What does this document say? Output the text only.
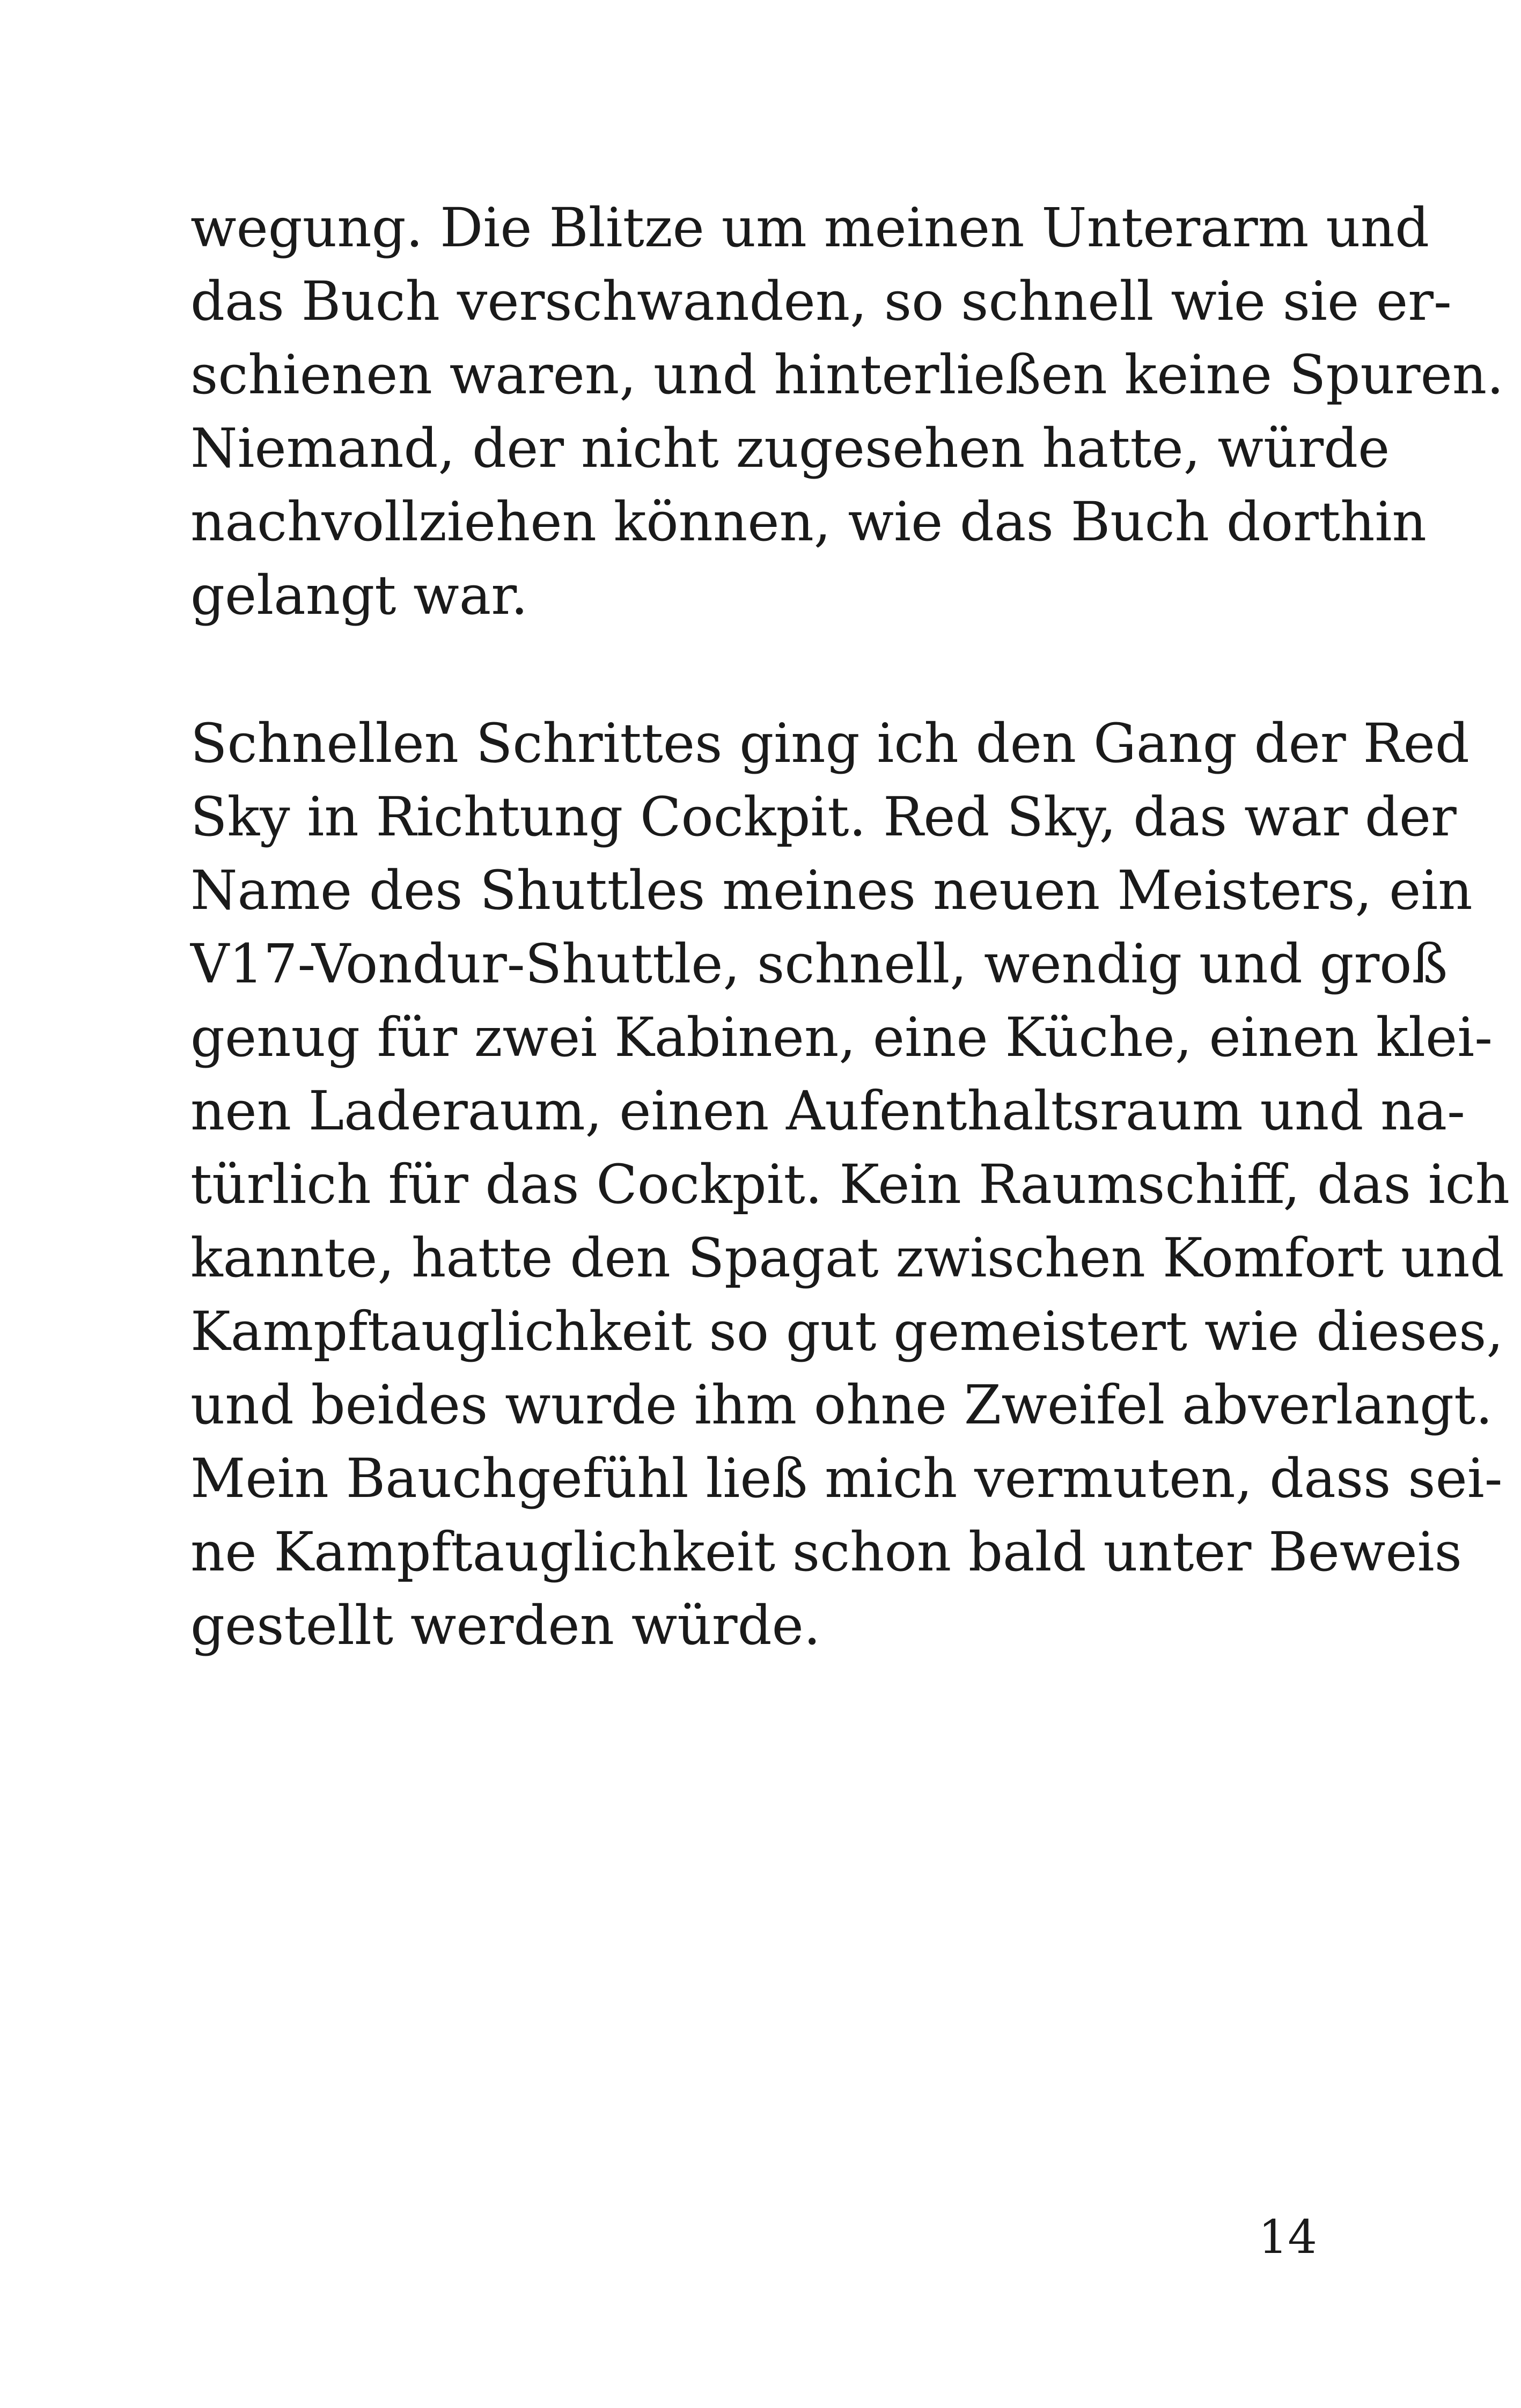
wegung. Die Blitze um meinen Unterarm und
das Buch verschwanden, so schnell wie sie er-
schienen waren, und hinterließen keine Spuren.
Niemand, der nicht zugesehen hatte, würde
nachvollziehen können, wie das Buch dorthin
gelangt war.
Schnellen Schrittes ging ich den Gang der Red
Sky in Richtung Cockpit. Red Sky, das war der
Name des Shuttles meines neuen Meisters, ein
V17-Vondur-Shuttle, schnell, wendig und groß
genug für zwei Kabinen, eine Küche, einen klei-
nen Laderaum, einen Aufenthaltsraum und na-
türlich für das Cockpit. Kein Raumschiff, das ich
kannte, hatte den Spagat zwischen Komfort und
Kampftauglichkeit so gut gemeistert wie dieses,
und beides wurde ihm ohne Zweifel abverlangt.
Mein Bauchgefühl ließ mich vermuten, dass sei-
ne Kampftauglichkeit schon bald unter Beweis
gestellt werden würde.
14
